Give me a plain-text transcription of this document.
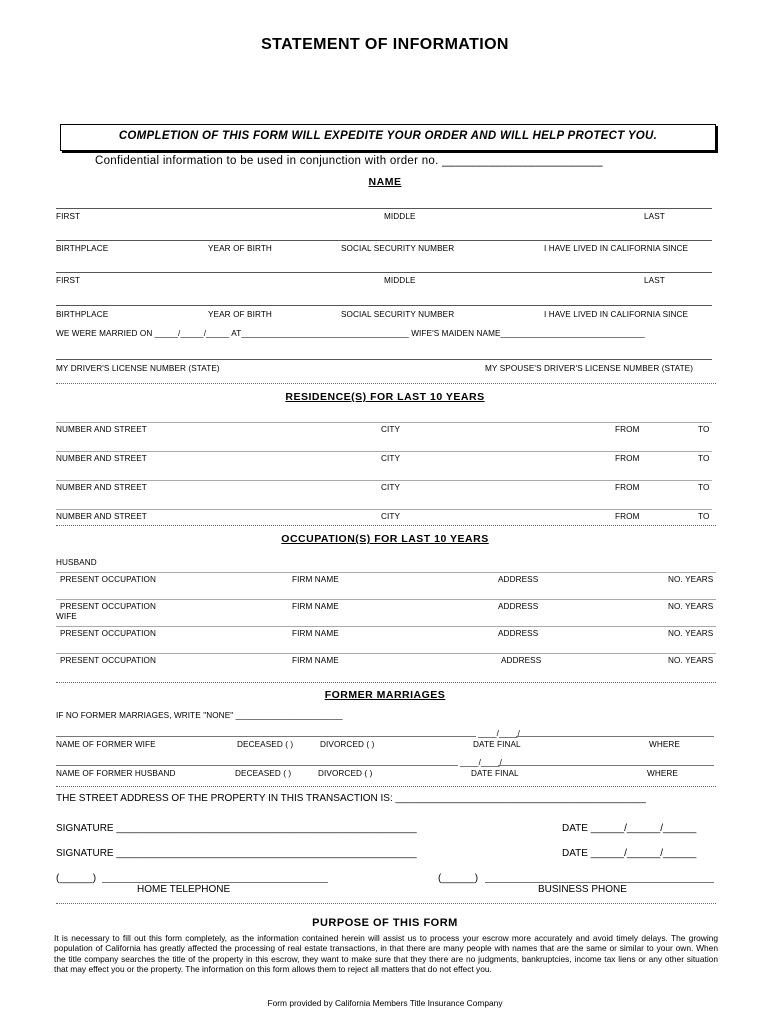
STATEMENT OF INFORMATION
COMPLETION OF THIS FORM WILL EXPEDITE YOUR ORDER AND WILL HELP PROTECT YOU.
Confidential information to be used in conjunction with order no. ________________________
NAME
FIRST	MIDDLE	LAST
BIRTHPLACE	YEAR OF BIRTH	SOCIAL SECURITY NUMBER	I HAVE LIVED IN CALIFORNIA SINCE
FIRST	MIDDLE	LAST
BIRTHPLACE	YEAR OF BIRTH	SOCIAL SECURITY NUMBER	I HAVE LIVED IN CALIFORNIA SINCE
WE WERE MARRIED ON _____/_____/_____ AT____________________________________ WIFE'S MAIDEN NAME_______________________________
MY DRIVER'S LICENSE NUMBER (STATE)	MY SPOUSE'S DRIVER'S LICENSE NUMBER (STATE)
RESIDENCE(S) FOR LAST 10 YEARS
NUMBER AND STREET	CITY	FROM	TO
NUMBER AND STREET	CITY	FROM	TO
NUMBER AND STREET	CITY	FROM	TO
NUMBER AND STREET	CITY	FROM	TO
OCCUPATION(S) FOR LAST 10 YEARS
HUSBAND
PRESENT OCCUPATION	FIRM NAME	ADDRESS	NO. YEARS
PRESENT OCCUPATION	FIRM NAME	ADDRESS	NO. YEARS
WIFE
PRESENT OCCUPATION	FIRM NAME	ADDRESS	NO. YEARS
PRESENT OCCUPATION	FIRM NAME	ADDRESS	NO. YEARS
FORMER MARRIAGES
IF NO FORMER MARRIAGES, WRITE "NONE" _______________________
____/____/
NAME OF FORMER WIFE	DECEASED ( )	DIVORCED ( )	DATE FINAL	WHERE
____/____/
NAME OF FORMER HUSBAND	DECEASED ( )	DIVORCED ( )	DATE FINAL	WHERE
THE STREET ADDRESS OF THE PROPERTY IN THIS TRANSACTION IS: _____________________________________________
SIGNATURE ______________________________________________________	DATE ______/______/______
SIGNATURE ______________________________________________________	DATE ______/______/______
(______)
HOME TELEPHONE
(______)
BUSINESS PHONE
PURPOSE OF THIS FORM
It is necessary to fill out this form completely, as the information contained herein will assist us to process your escrow more accurately and avoid timely delays. The growing population of California has greatly affected the processing of real estate transactions, in that there are many people with names that are the same or similar to your own. When the title company searches the title of the property in this escrow, they want to make sure that they there are no judgments, bankruptcies, income tax liens or any other situation that may effect you or the property. The information on this form allows them to reject all matters that do not effect you.
Form provided by California Members Title Insurance Company
